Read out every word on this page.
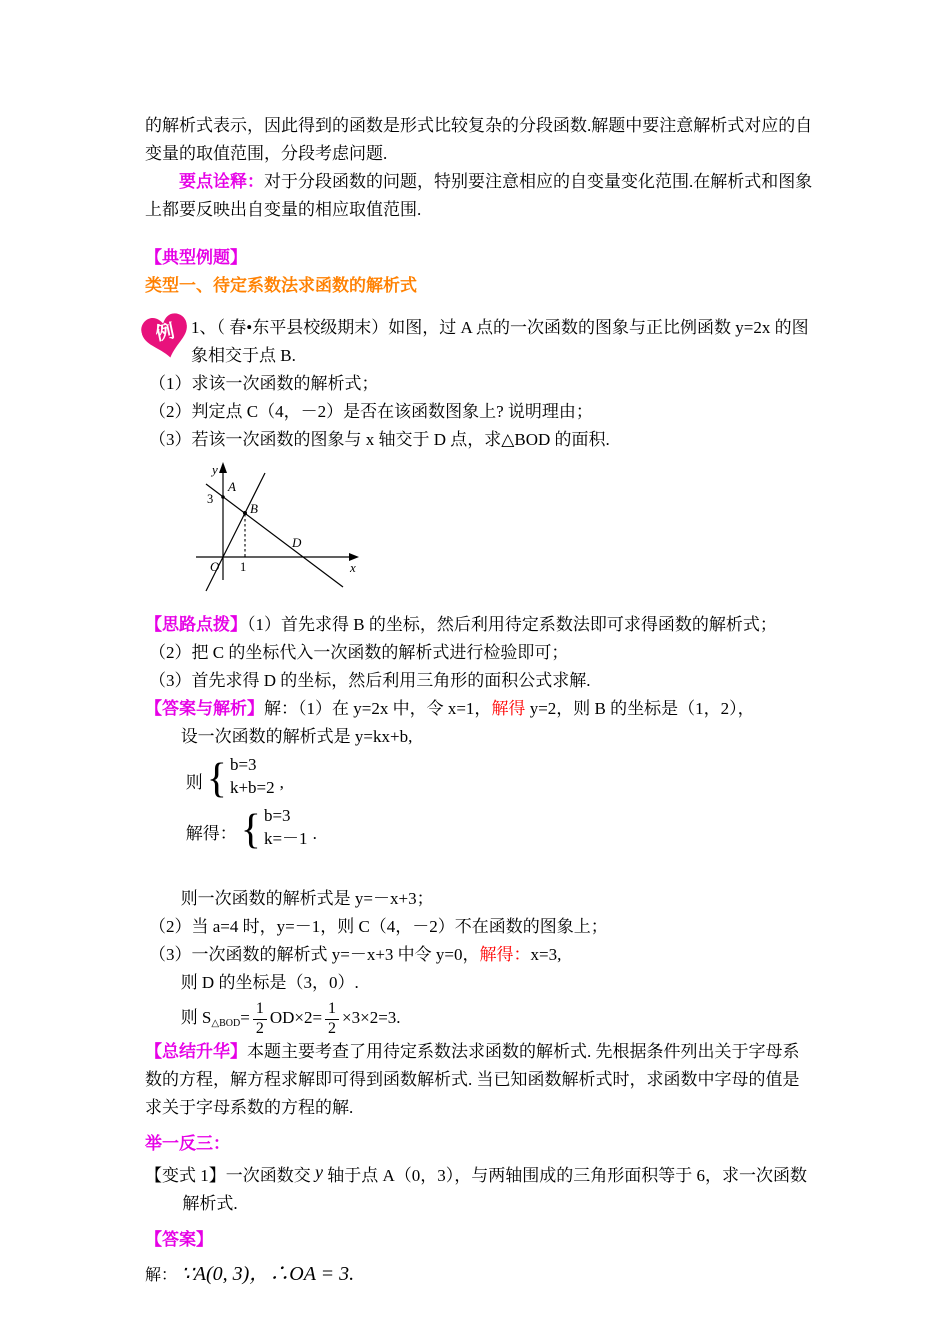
的解析式表示，因此得到的函数是形式比较复杂的分段函数.解题中要注意解析式对应的自变量的取值范围，分段考虑问题.

要点诠释：对于分段函数的问题，特别要注意相应的自变量变化范围.在解析式和图象上都要反映出自变量的相应取值范围.

【典型例题】

类型一、待定系数法求函数的解析式

例 1、（ 春•东平县校级期末）如图，过 A 点的一次函数的图象与正比例函数 y=2x 的图象相交于点 B.

（1）求该一次函数的解析式；

（2）判定点 C（4，－2）是否在该函数图象上? 说明理由；

（3）若该一次函数的图象与 x 轴交于 D 点，求△BOD 的面积.

y
A
3
B
D
O 1	x

【思路点拨】（1）首先求得 B 的坐标，然后利用待定系数法即可求得函数的解析式；

（2）把 C 的坐标代入一次函数的解析式进行检验即可；

（3）首先求得 D 的坐标，然后利用三角形的面积公式求解.

【答案与解析】解：（1）在 y=2x 中，令 x=1，解得 y=2，则 B 的坐标是（1，2），

设一次函数的解析式是 y=kx+b,

则 { b=3
k+b=2 ,
解得： { b=3
k=－1 .

则一次函数的解析式是 y=－x+3；

（2）当 a=4 时，y=－1，则 C（4，－2）不在函数的图象上；

（3）一次函数的解析式 y=－x+3 中令 y=0，解得：x=3,

则 D 的坐标是（3，0）.

则 $S_{\triangle BOD}= \frac{1}{2} OD\times 2= \frac{1}{2} \times 3\times 2=3$.

【总结升华】本题主要考查了用待定系数法求函数的解析式. 先根据条件列出关于字母系数的方程，解方程求解即可得到函数解析式. 当已知函数解析式时，求函数中字母的值是求关于字母系数的方程的解.

举一反三：

【变式 1】一次函数交 y 轴于点 A（0，3），与两轴围成的三角形面积等于 6，求一次函数解析式.

【答案】

解： ∵A(0, 3)，∴OA = 3.
